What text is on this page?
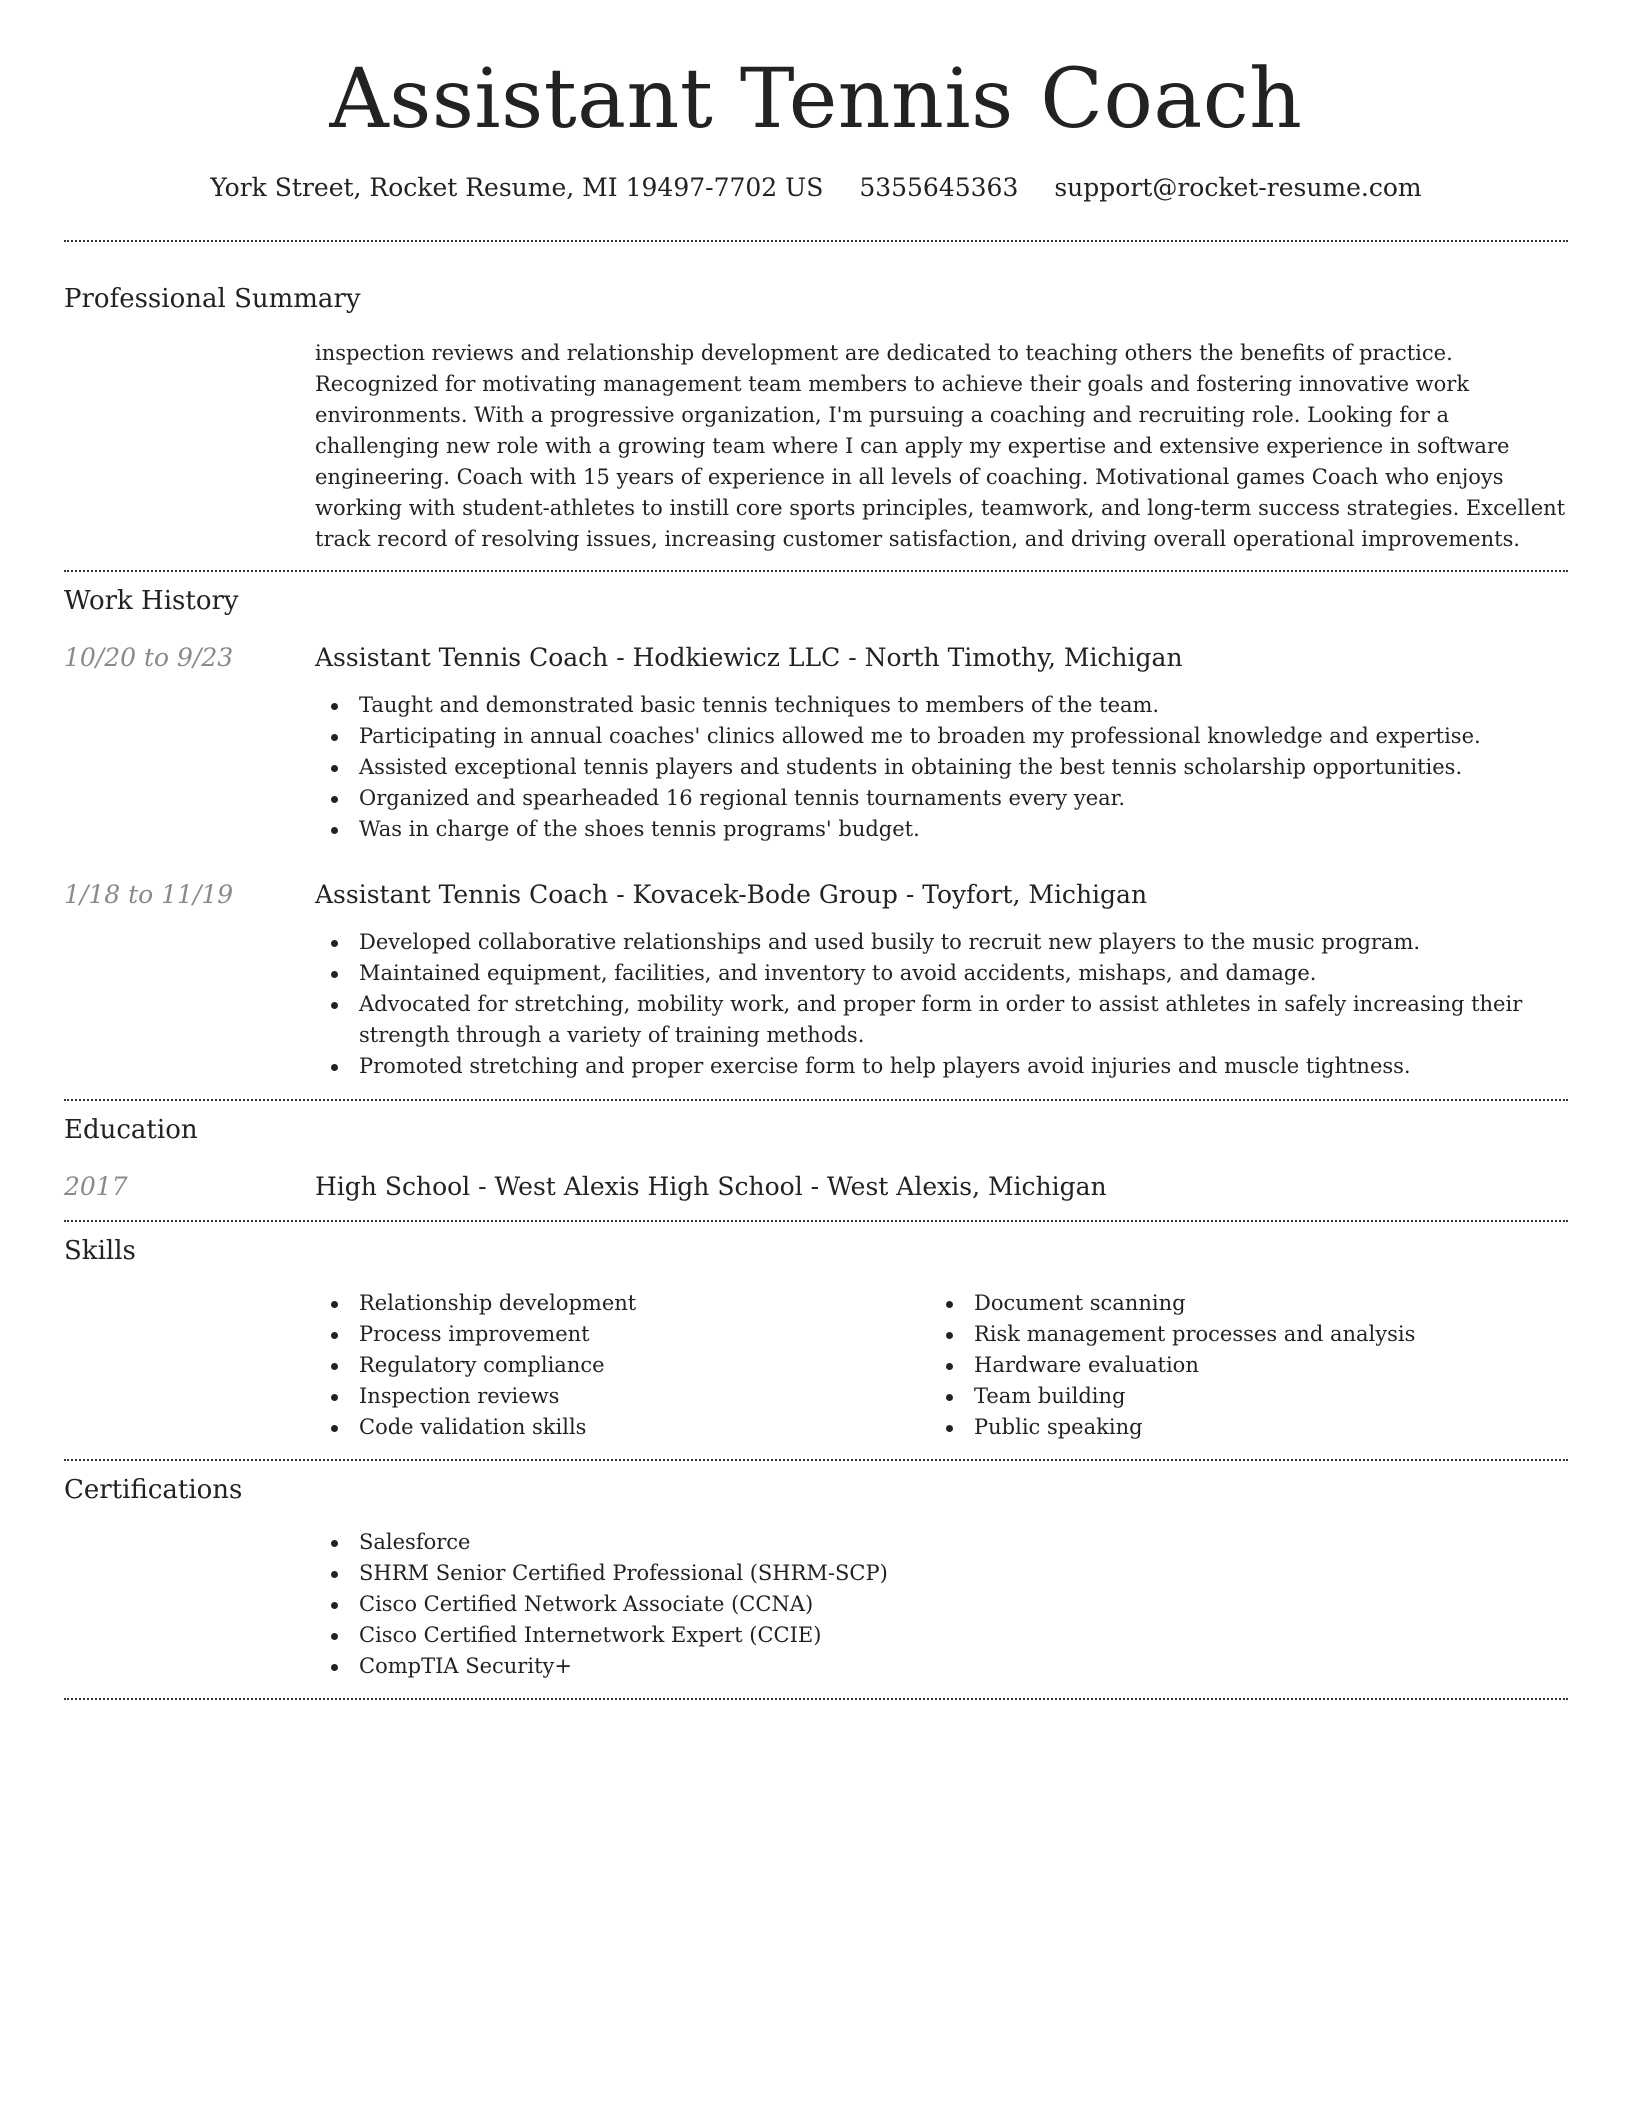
Assistant Tennis Coach
York Street, Rocket Resume, MI 19497-7702 US 5355645363 support@rocket-resume.com
Professional Summary

inspection reviews and relationship development are dedicated to teaching others the benefits of practice. Recognized for motivating management team members to achieve their goals and fostering innovative work environments. With a progressive organization, I'm pursuing a coaching and recruiting role. Looking for a challenging new role with a growing team where I can apply my expertise and extensive experience in software engineering. Coach with 15 years of experience in all levels of coaching. Motivational games Coach who enjoys working with student-athletes to instill core sports principles, teamwork, and long-term success strategies. Excellent track record of resolving issues, increasing customer satisfaction, and driving overall operational improvements.

Work History
10/20 to 9/23	Assistant Tennis Coach - Hodkiewicz LLC - North Timothy, Michigan
Taught and demonstrated basic tennis techniques to members of the team.
Participating in annual coaches' clinics allowed me to broaden my professional knowledge and expertise.
Assisted exceptional tennis players and students in obtaining the best tennis scholarship opportunities.
Organized and spearheaded 16 regional tennis tournaments every year.
Was in charge of the shoes tennis programs' budget.
1/18 to 11/19	Assistant Tennis Coach - Kovacek-Bode Group - Toyfort, Michigan
Developed collaborative relationships and used busily to recruit new players to the music program.
Maintained equipment, facilities, and inventory to avoid accidents, mishaps, and damage.
Advocated for stretching, mobility work, and proper form in order to assist athletes in safely increasing their strength through a variety of training methods.
Promoted stretching and proper exercise form to help players avoid injuries and muscle tightness.
Education
2017	High School - West Alexis High School - West Alexis, Michigan
Skills
Relationship development
Process improvement
Regulatory compliance
Inspection reviews
Code validation skills
Document scanning
Risk management processes and analysis
Hardware evaluation
Team building
Public speaking
Certifications
Salesforce
SHRM Senior Certified Professional (SHRM-SCP)
Cisco Certified Network Associate (CCNA)
Cisco Certified Internetwork Expert (CCIE)
CompTIA Security+
